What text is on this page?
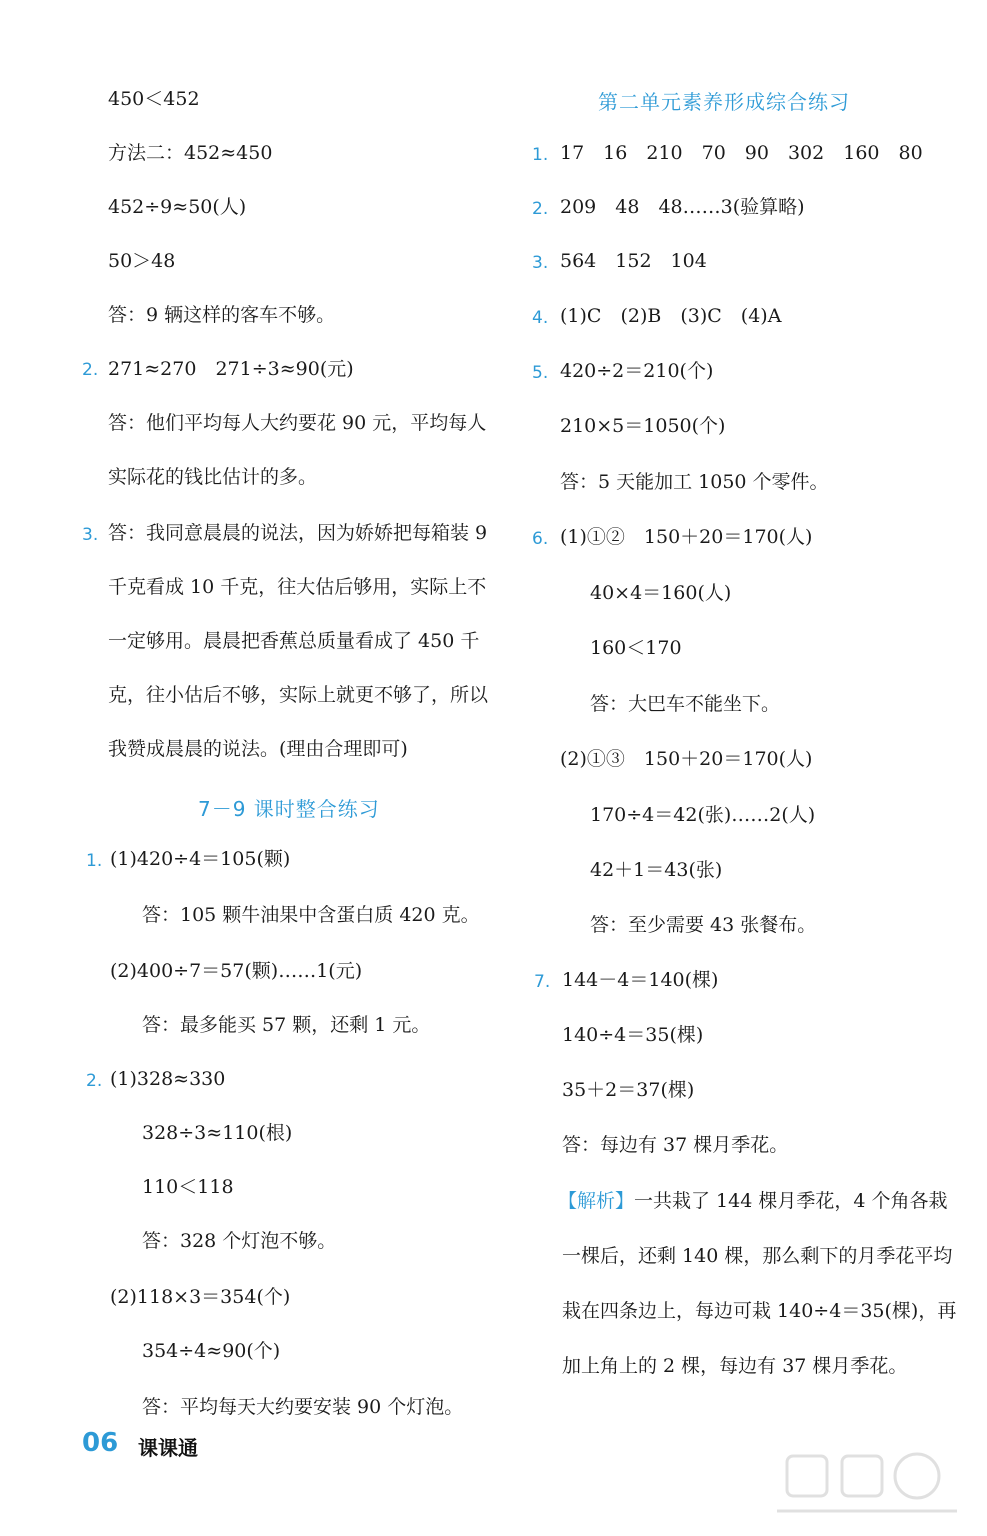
450＜452
方法二：452≈450
452÷9≈50(人)
50＞48
答：9 辆这样的客车不够。
2. 271≈270　271÷3≈90(元)
答：他们平均每人大约要花 90 元，平均每人
实际花的钱比估计的多。
3. 答：我同意晨晨的说法，因为娇娇把每箱装 9
千克看成 10 千克，往大估后够用，实际上不
一定够用。晨晨把香蕉总质量看成了 450 千
克，往小估后不够，实际上就更不够了，所以
我赞成晨晨的说法。(理由合理即可)
7－9 课时整合练习
1. (1)420÷4＝105(颗)
答：105 颗牛油果中含蛋白质 420 克。
(2)400÷7＝57(颗)……1(元)
答：最多能买 57 颗，还剩 1 元。
2. (1)328≈330
328÷3≈110(根)
110＜118
答：328 个灯泡不够。
(2)118×3＝354(个)
354÷4≈90(个)
答：平均每天大约要安装 90 个灯泡。
第二单元素养形成综合练习
1. 17　16　210　70　90　302　160　80
2. 209　48　48……3(验算略)
3. 564　152　104
4. (1)C　(2)B　(3)C　(4)A
5. 420÷2＝210(个)
210×5＝1050(个)
答：5 天能加工 1050 个零件。
6. (1)①②　150＋20＝170(人)
40×4＝160(人)
160＜170
答：大巴车不能坐下。
(2)①③　150＋20＝170(人)
170÷4＝42(张)……2(人)
42＋1＝43(张)
答：至少需要 43 张餐布。
7. 144－4＝140(棵)
140÷4＝35(棵)
35＋2＝37(棵)
答：每边有 37 棵月季花。
【解析】一共栽了 144 棵月季花，4 个角各栽
一棵后，还剩 140 棵，那么剩下的月季花平均
栽在四条边上，每边可栽 140÷4＝35(棵)，再
加上角上的 2 棵，每边有 37 棵月季花。
06 课课通
